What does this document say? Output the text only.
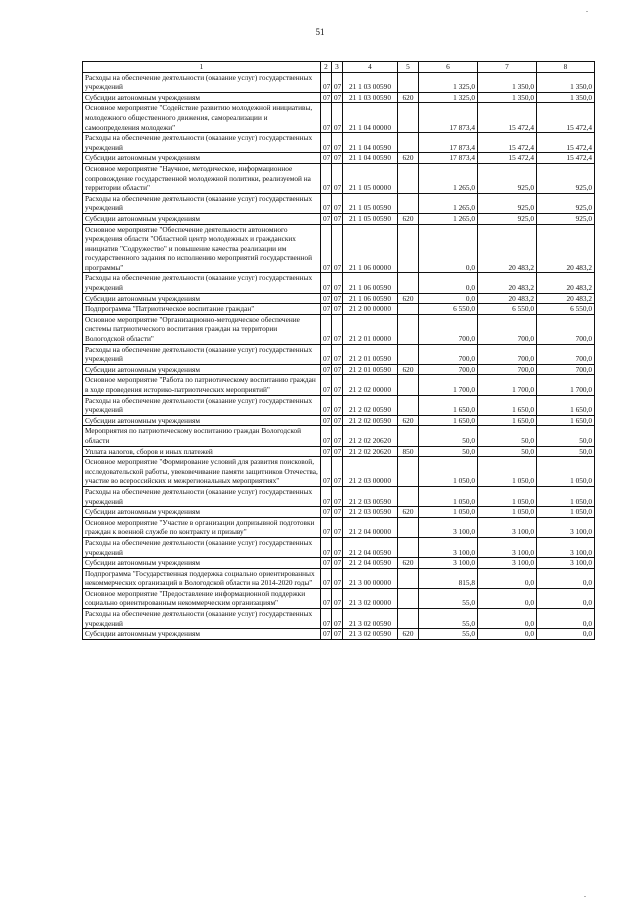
51
1	2	3	4	5	6	7	8
Расходы на обеспечение деятельности (оказание услуг) государственных учреждений	07	07	21 1 03 00590		1 325,0	1 350,0	1 350,0
Субсидии автономным учреждениям	07	07	21 1 03 00590	620	1 325,0	1 350,0	1 350,0
Основное мероприятие "Содействие развитию молодежной инициативы, молодежного общественного движения, самореализации и самоопределения молодежи"	07	07	21 1 04 00000		17 873,4	15 472,4	15 472,4
Расходы на обеспечение деятельности (оказание услуг) государственных учреждений	07	07	21 1 04 00590		17 873,4	15 472,4	15 472,4
Субсидии автономным учреждениям	07	07	21 1 04 00590	620	17 873,4	15 472,4	15 472,4
Основное мероприятие "Научное, методическое, информационное сопровождение государственной молодежной политики, реализуемой на территории области"	07	07	21 1 05 00000		1 265,0	925,0	925,0
Расходы на обеспечение деятельности (оказание услуг) государственных учреждений	07	07	21 1 05 00590		1 265,0	925,0	925,0
Субсидии автономным учреждениям	07	07	21 1 05 00590	620	1 265,0	925,0	925,0
Основное мероприятие "Обеспечение деятельности автономного учреждения области "Областной центр молодежных и гражданских инициатив "Содружество" и повышение качества реализации им государственного задания по исполнению мероприятий государственной программы"	07	07	21 1 06 00000		0,0	20 483,2	20 483,2
Расходы на обеспечение деятельности (оказание услуг) государственных учреждений	07	07	21 1 06 00590		0,0	20 483,2	20 483,2
Субсидии автономным учреждениям	07	07	21 1 06 00590	620	0,0	20 483,2	20 483,2
Подпрограмма "Патриотическое воспитание граждан"	07	07	21 2 00 00000		6 550,0	6 550,0	6 550,0
Основное мероприятие "Организационно-методическое обеспечение системы патриотического воспитания граждан на территории Вологодской области"	07	07	21 2 01 00000		700,0	700,0	700,0
Расходы на обеспечение деятельности (оказание услуг) государственных учреждений	07	07	21 2 01 00590		700,0	700,0	700,0
Субсидии автономным учреждениям	07	07	21 2 01 00590	620	700,0	700,0	700,0
Основное мероприятие "Работа по патриотическому воспитанию граждан в ходе проведения историко-патриотических мероприятий"	07	07	21 2 02 00000		1 700,0	1 700,0	1 700,0
Расходы на обеспечение деятельности (оказание услуг) государственных учреждений	07	07	21 2 02 00590		1 650,0	1 650,0	1 650,0
Субсидии автономным учреждениям	07	07	21 2 02 00590	620	1 650,0	1 650,0	1 650,0
Мероприятия по патриотическому воспитанию граждан Вологодской области	07	07	21 2 02 20620		50,0	50,0	50,0
Уплата налогов, сборов и иных платежей	07	07	21 2 02 20620	850	50,0	50,0	50,0
Основное мероприятие "Формирование условий для развития поисковой, исследовательской работы, увековечивание памяти защитников Отечества, участие во всероссийских и межрегиональных мероприятиях"	07	07	21 2 03 00000		1 050,0	1 050,0	1 050,0
Расходы на обеспечение деятельности (оказание услуг) государственных учреждений	07	07	21 2 03 00590		1 050,0	1 050,0	1 050,0
Субсидии автономным учреждениям	07	07	21 2 03 00590	620	1 050,0	1 050,0	1 050,0
Основное мероприятие "Участие в организации допризывной подготовки граждан к военной службе по контракту и призыву"	07	07	21 2 04 00000		3 100,0	3 100,0	3 100,0
Расходы на обеспечение деятельности (оказание услуг) государственных учреждений	07	07	21 2 04 00590		3 100,0	3 100,0	3 100,0
Субсидии автономным учреждениям	07	07	21 2 04 00590	620	3 100,0	3 100,0	3 100,0
Подпрограмма "Государственная поддержка социально ориентированных некоммерческих организаций в Вологодской области на 2014-2020 годы"	07	07	21 3 00 00000		815,8	0,0	0,0
Основное мероприятие "Предоставление информационной поддержки социально ориентированным некоммерческим организациям"	07	07	21 3 02 00000		55,0	0,0	0,0
Расходы на обеспечение деятельности (оказание услуг) государственных учреждений	07	07	21 3 02 00590		55,0	0,0	0,0
Субсидии автономным учреждениям	07	07	21 3 02 00590	620	55,0	0,0	0,0
.
.
